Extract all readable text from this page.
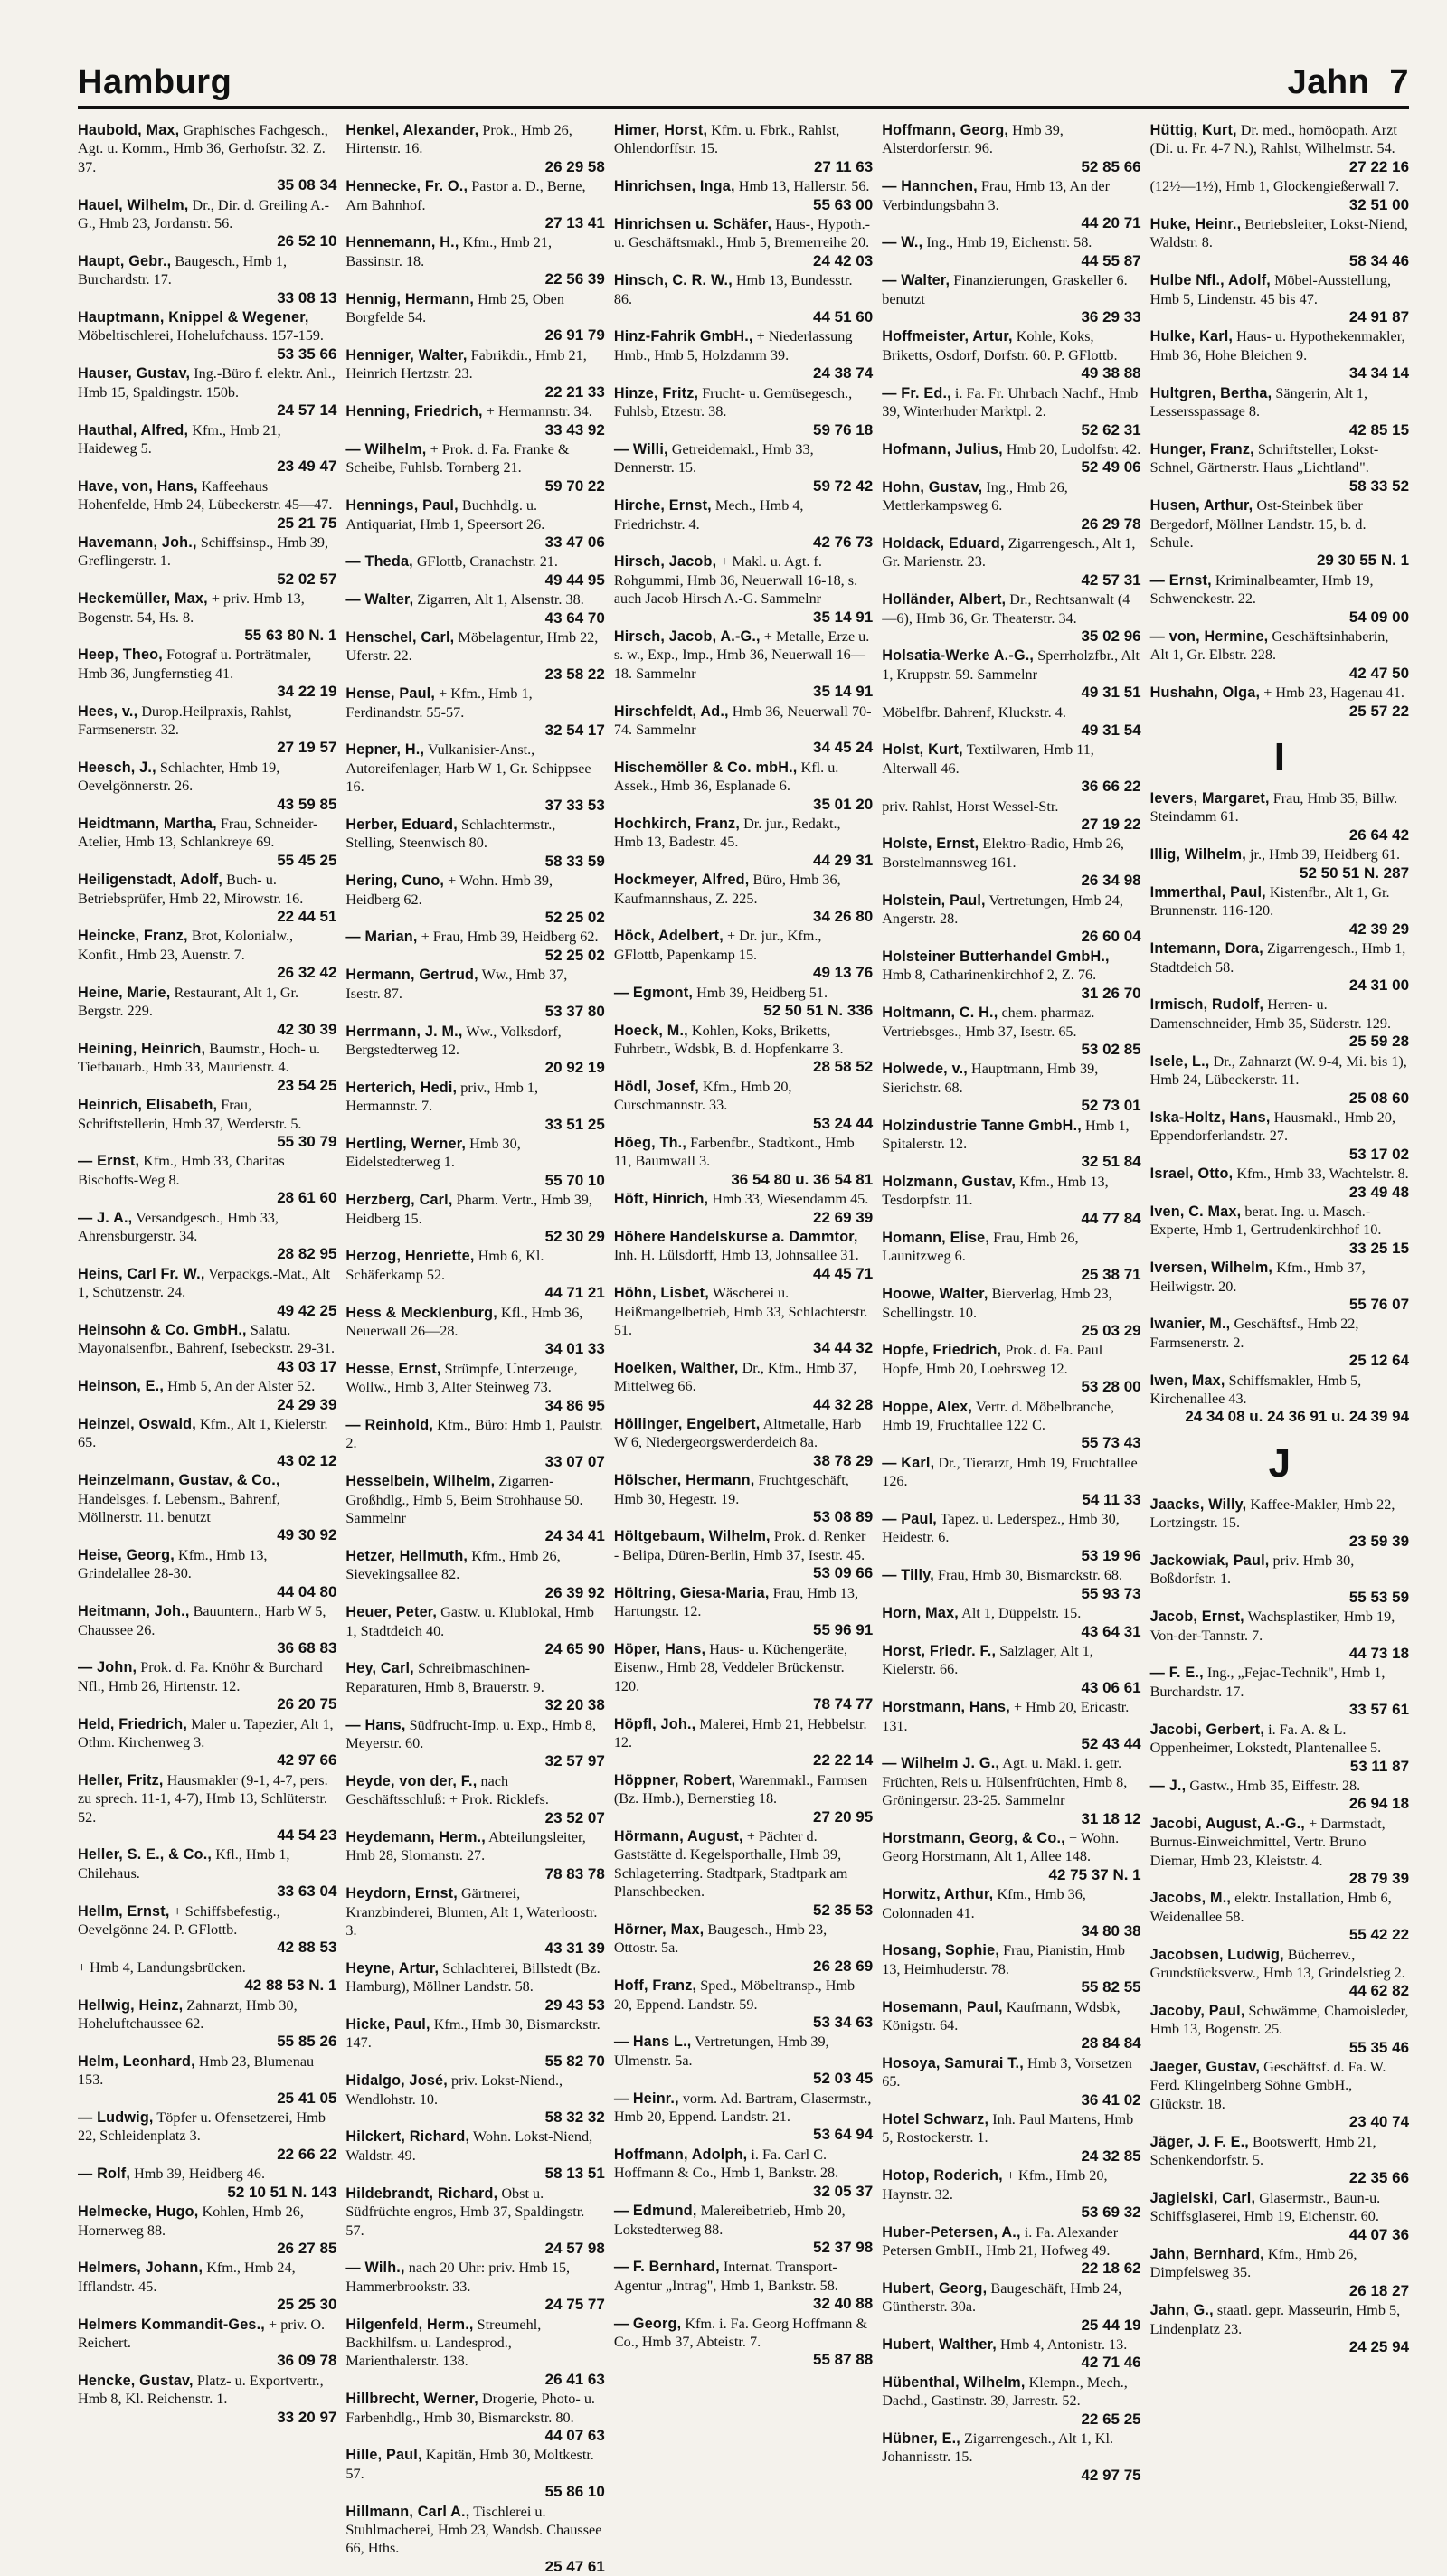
Hamburg	Jahn 7
Haubold, Max, Graphisches Fachgesch., Agt. u. Komm., Hmb 36, Gerhofstr. 32. Z. 37.
35 08 34
Hauel, Wilhelm, Dr., Dir. d. Greiling A.-G., Hmb 23, Jordanstr. 56.
26 52 10
Haupt, Gebr., Baugesch., Hmb 1, Burchardstr. 17.
33 08 13
Hauptmann, Knippel & Wegener, Möbeltischlerei, Hohelufchauss. 157-159.
53 35 66
Hauser, Gustav, Ing.-Büro f. elektr. Anl., Hmb 15, Spaldingstr. 150b.
24 57 14
Hauthal, Alfred, Kfm., Hmb 21, Haideweg 5.
23 49 47
Have, von, Hans, Kaffeehaus Hohenfelde, Hmb 24, Lübeckerstr. 45—47.
25 21 75
Havemann, Joh., Schiffsinsp., Hmb 39, Greflingerstr. 1.
52 02 57
Heckemüller, Max, + priv. Hmb 13, Bogenstr. 54, Hs. 8.
55 63 80 N. 1
Heep, Theo, Fotograf u. Porträtmaler, Hmb 36, Jungfernstieg 41.
34 22 19
Hees, v., Durop.Heilpraxis, Rahlst, Farmsenerstr. 32.
27 19 57
Heesch, J., Schlachter, Hmb 19, Oevelgönnerstr. 26.
43 59 85
Heidtmann, Martha, Frau, Schneider-Atelier, Hmb 13, Schlankreye 69.
55 45 25
Heiligenstadt, Adolf, Buch- u. Betriebsprüfer, Hmb 22, Mirowstr. 16.
22 44 51
Heincke, Franz, Brot, Kolonialw., Konfit., Hmb 23, Auenstr. 7.
26 32 42
Heine, Marie, Restaurant, Alt 1, Gr. Bergstr. 229.
42 30 39
Heining, Heinrich, Baumstr., Hoch- u. Tiefbauarb., Hmb 33, Maurienstr. 4.
23 54 25
Heinrich, Elisabeth, Frau, Schriftstellerin, Hmb 37, Werderstr. 5.
55 30 79
— Ernst, Kfm., Hmb 33, Charitas Bischoffs-Weg 8.
28 61 60
— J. A., Versandgesch., Hmb 33, Ahrensburgerstr. 34.
28 82 95
Heins, Carl Fr. W., Verpackgs.-Mat., Alt 1, Schützenstr. 24.
49 42 25
Heinsohn & Co. GmbH., Salatu. Mayonaisenfbr., Bahrenf, Isebeckstr. 29-31.
43 03 17
Heinson, E., Hmb 5, An der Alster 52.
24 29 39
Heinzel, Oswald, Kfm., Alt 1, Kielerstr. 65.
43 02 12
Heinzelmann, Gustav, & Co., Handelsges. f. Lebensm., Bahrenf, Möllnerstr. 11. benutzt
49 30 92
Heise, Georg, Kfm., Hmb 13, Grindelallee 28-30.
44 04 80
Heitmann, Joh., Bauuntern., Harb W 5, Chaussee 26.
36 68 83
— John, Prok. d. Fa. Knöhr & Burchard Nfl., Hmb 26, Hirtenstr. 12.
26 20 75
Held, Friedrich, Maler u. Tapezier, Alt 1, Othm. Kirchenweg 3.
42 97 66
Heller, Fritz, Hausmakler (9-1, 4-7, pers. zu sprech. 11-1, 4-7), Hmb 13, Schlüterstr. 52.
44 54 23
Heller, S. E., & Co., Kfl., Hmb 1, Chilehaus.
33 63 04
Hellm, Ernst, + Schiffsbefestig., Oevelgönne 24. P. GFlottb.
42 88 53
+ Hmb 4, Landungsbrücken.
42 88 53 N. 1
Hellwig, Heinz, Zahnarzt, Hmb 30, Hoheluftchaussee 62.
55 85 26
Helm, Leonhard, Hmb 23, Blumenau 153.
25 41 05
— Ludwig, Töpfer u. Ofensetzerei, Hmb 22, Schleidenplatz 3.
22 66 22
— Rolf, Hmb 39, Heidberg 46.
52 10 51 N. 143
Helmecke, Hugo, Kohlen, Hmb 26, Hornerweg 88.
26 27 85
Helmers, Johann, Kfm., Hmb 24, Ifflandstr. 45.
25 25 30
Helmers Kommandit-Ges., + priv. O. Reichert.
36 09 78
Hencke, Gustav, Platz- u. Exportvertr., Hmb 8, Kl. Reichenstr. 1.
33 20 97
Henkel, Alexander, Prok., Hmb 26, Hirtenstr. 16.
26 29 58
Hennecke, Fr. O., Pastor a. D., Berne, Am Bahnhof.
27 13 41
Hennemann, H., Kfm., Hmb 21, Bassinstr. 18.
22 56 39
Hennig, Hermann, Hmb 25, Oben Borgfelde 54.
26 91 79
Henniger, Walter, Fabrikdir., Hmb 21, Heinrich Hertzstr. 23.
22 21 33
Henning, Friedrich, + Hermannstr. 34.
33 43 92
— Wilhelm, + Prok. d. Fa. Franke & Scheibe, Fuhlsb. Tornberg 21.
59 70 22
Hennings, Paul, Buchhdlg. u. Antiquariat, Hmb 1, Speersort 26.
33 47 06
— Theda, GFlottb, Cranachstr. 21.
49 44 95
— Walter, Zigarren, Alt 1, Alsenstr. 38.
43 64 70
Henschel, Carl, Möbelagentur, Hmb 22, Uferstr. 22.
23 58 22
Hense, Paul, + Kfm., Hmb 1, Ferdinandstr. 55-57.
32 54 17
Hepner, H., Vulkanisier-Anst., Autoreifenlager, Harb W 1, Gr. Schippsee 16.
37 33 53
Herber, Eduard, Schlachtermstr., Stelling, Steenwisch 80.
58 33 59
Hering, Cuno, + Wohn. Hmb 39, Heidberg 62.
52 25 02
— Marian, + Frau, Hmb 39, Heidberg 62.
52 25 02
Hermann, Gertrud, Ww., Hmb 37, Isestr. 87.
53 37 80
Herrmann, J. M., Ww., Volksdorf, Bergstedterweg 12.
20 92 19
Herterich, Hedi, priv., Hmb 1, Hermannstr. 7.
33 51 25
Hertling, Werner, Hmb 30, Eidelstedterweg 1.
55 70 10
Herzberg, Carl, Pharm. Vertr., Hmb 39, Heidberg 15.
52 30 29
Herzog, Henriette, Hmb 6, Kl. Schäferkamp 52.
44 71 21
Hess & Mecklenburg, Kfl., Hmb 36, Neuerwall 26—28.
34 01 33
Hesse, Ernst, Strümpfe, Unterzeuge, Wollw., Hmb 3, Alter Steinweg 73.
34 86 95
— Reinhold, Kfm., Büro: Hmb 1, Paulstr. 2.
33 07 07
Hesselbein, Wilhelm, Zigarren-Großhdlg., Hmb 5, Beim Strohhause 50. Sammelnr
24 34 41
Hetzer, Hellmuth, Kfm., Hmb 26, Sievekingsallee 82.
26 39 92
Heuer, Peter, Gastw. u. Klublokal, Hmb 1, Stadtdeich 40.
24 65 90
Hey, Carl, Schreibmaschinen-Reparaturen, Hmb 8, Brauerstr. 9.
32 20 38
— Hans, Südfrucht-Imp. u. Exp., Hmb 8, Meyerstr. 60.
32 57 97
Heyde, von der, F., nach Geschäftsschluß: + Prok. Ricklefs.
23 52 07
Heydemann, Herm., Abteilungsleiter, Hmb 28, Slomanstr. 27.
78 83 78
Heydorn, Ernst, Gärtnerei, Kranzbinderei, Blumen, Alt 1, Waterloostr. 3.
43 31 39
Heyne, Artur, Schlachterei, Billstedt (Bz. Hamburg), Möllner Landstr. 58.
29 43 53
Hicke, Paul, Kfm., Hmb 30, Bismarckstr. 147.
55 82 70
Hidalgo, José, priv. Lokst-Niend., Wendlohstr. 10.
58 32 32
Hilckert, Richard, Wohn. Lokst-Niend, Waldstr. 49.
58 13 51
Hildebrandt, Richard, Obst u. Südfrüchte engros, Hmb 37, Spaldingstr. 57.
24 57 98
— Wilh., nach 20 Uhr: priv. Hmb 15, Hammerbrookstr. 33.
24 75 77
Hilgenfeld, Herm., Streumehl, Backhilfsm. u. Landesprod., Marienthalerstr. 138.
26 41 63
Hillbrecht, Werner, Drogerie, Photo- u. Farbenhdlg., Hmb 30, Bismarckstr. 80.
44 07 63
Hille, Paul, Kapitän, Hmb 30, Moltkestr. 57.
55 86 10
Hillmann, Carl A., Tischlerei u. Stuhlmacherei, Hmb 23, Wandsb. Chaussee 66, Hths.
25 47 61
Himer, Horst, Kfm. u. Fbrk., Rahlst, Ohlendorffstr. 15.
27 11 63
Hinrichsen, Inga, Hmb 13, Hallerstr. 56.
55 63 00
Hinrichsen u. Schäfer, Haus-, Hypoth.- u. Geschäftsmakl., Hmb 5, Bremerreihe 20.
24 42 03
Hinsch, C. R. W., Hmb 13, Bundesstr. 86.
44 51 60
Hinz-Fahrik GmbH., + Niederlassung Hmb., Hmb 5, Holzdamm 39.
24 38 74
Hinze, Fritz, Frucht- u. Gemüsegesch., Fuhlsb, Etzestr. 38.
59 76 18
— Willi, Getreidemakl., Hmb 33, Dennerstr. 15.
59 72 42
Hirche, Ernst, Mech., Hmb 4, Friedrichstr. 4.
42 76 73
Hirsch, Jacob, + Makl. u. Agt. f. Rohgummi, Hmb 36, Neuerwall 16-18, s. auch Jacob Hirsch A.-G. Sammelnr
35 14 91
Hirsch, Jacob, A.-G., + Metalle, Erze u. s. w., Exp., Imp., Hmb 36, Neuerwall 16—18. Sammelnr
35 14 91
Hirschfeldt, Ad., Hmb 36, Neuerwall 70-74. Sammelnr
34 45 24
Hischemöller & Co. mbH., Kfl. u. Assek., Hmb 36, Esplanade 6.
35 01 20
Hochkirch, Franz, Dr. jur., Redakt., Hmb 13, Badestr. 45.
44 29 31
Hockmeyer, Alfred, Büro, Hmb 36, Kaufmannshaus, Z. 225.
34 26 80
Höck, Adelbert, + Dr. jur., Kfm., GFlottb, Papenkamp 15.
49 13 76
— Egmont, Hmb 39, Heidberg 51.
52 50 51 N. 336
Hoeck, M., Kohlen, Koks, Briketts, Fuhrbetr., Wdsbk, B. d. Hopfenkarre 3.
28 58 52
Hödl, Josef, Kfm., Hmb 20, Curschmannstr. 33.
53 24 44
Höeg, Th., Farbenfbr., Stadtkont., Hmb 11, Baumwall 3.
36 54 80 u. 36 54 81
Höft, Hinrich, Hmb 33, Wiesendamm 45.
22 69 39
Höhere Handelskurse a. Dammtor, Inh. H. Lülsdorff, Hmb 13, Johnsallee 31.
44 45 71
Höhn, Lisbet, Wäscherei u. Heißmangelbetrieb, Hmb 33, Schlachterstr. 51.
34 44 32
Hoelken, Walther, Dr., Kfm., Hmb 37, Mittelweg 66.
44 32 28
Höllinger, Engelbert, Altmetalle, Harb W 6, Niedergeorgswerderdeich 8a.
38 78 29
Hölscher, Hermann, Fruchtgeschäft, Hmb 30, Hegestr. 19.
53 08 89
Höltgebaum, Wilhelm, Prok. d. Renker - Belipa, Düren-Berlin, Hmb 37, Isestr. 45.
53 09 66
Höltring, Giesa-Maria, Frau, Hmb 13, Hartungstr. 12.
55 96 91
Höper, Hans, Haus- u. Küchengeräte, Eisenw., Hmb 28, Veddeler Brückenstr. 120.
78 74 77
Höpfl, Joh., Malerei, Hmb 21, Hebbelstr. 12.
22 22 14
Höppner, Robert, Warenmakl., Farmsen (Bz. Hmb.), Bernerstieg 18.
27 20 95
Hörmann, August, + Pächter d. Gaststätte d. Kegelsporthalle, Hmb 39, Schlageterring. Stadtpark, Stadtpark am Planschbecken.
52 35 53
Hörner, Max, Baugesch., Hmb 23, Ottostr. 5a.
26 28 69
Hoff, Franz, Sped., Möbeltransp., Hmb 20, Eppend. Landstr. 59.
53 34 63
— Hans L., Vertretungen, Hmb 39, Ulmenstr. 5a.
52 03 45
— Heinr., vorm. Ad. Bartram, Glasermstr., Hmb 20, Eppend. Landstr. 21.
53 64 94
Hoffmann, Adolph, i. Fa. Carl C. Hoffmann & Co., Hmb 1, Bankstr. 28.
32 05 37
— Edmund, Malereibetrieb, Hmb 20, Lokstedterweg 88.
52 37 98
— F. Bernhard, Internat. Transport-Agentur „Intrag", Hmb 1, Bankstr. 58.
32 40 88
— Georg, Kfm. i. Fa. Georg Hoffmann & Co., Hmb 37, Abteistr. 7.
55 87 88
Hoffmann, Georg, Hmb 39, Alsterdorferstr. 96.
52 85 66
— Hannchen, Frau, Hmb 13, An der Verbindungsbahn 3.
44 20 71
— W., Ing., Hmb 19, Eichenstr. 58.
44 55 87
— Walter, Finanzierungen, Graskeller 6. benutzt
36 29 33
Hoffmeister, Artur, Kohle, Koks, Briketts, Osdorf, Dorfstr. 60. P. GFlottb.
49 38 88
— Fr. Ed., i. Fa. Fr. Uhrbach Nachf., Hmb 39, Winterhuder Marktpl. 2.
52 62 31
Hofmann, Julius, Hmb 20, Ludolfstr. 42.
52 49 06
Hohn, Gustav, Ing., Hmb 26, Mettlerkampsweg 6.
26 29 78
Holdack, Eduard, Zigarrengesch., Alt 1, Gr. Marienstr. 23.
42 57 31
Holländer, Albert, Dr., Rechtsanwalt (4—6), Hmb 36, Gr. Theaterstr. 34.
35 02 96
Holsatia-Werke A.-G., Sperrholzfbr., Alt 1, Kruppstr. 59. Sammelnr
49 31 51
Möbelfbr. Bahrenf, Kluckstr. 4.
49 31 54
Holst, Kurt, Textilwaren, Hmb 11, Alterwall 46.
36 66 22
priv. Rahlst, Horst Wessel-Str.
27 19 22
Holste, Ernst, Elektro-Radio, Hmb 26, Borstelmannsweg 161.
26 34 98
Holstein, Paul, Vertretungen, Hmb 24, Angerstr. 28.
26 60 04
Holsteiner Butterhandel GmbH., Hmb 8, Catharinenkirchhof 2, Z. 76.
31 26 70
Holtmann, C. H., chem. pharmaz. Vertriebsges., Hmb 37, Isestr. 65.
53 02 85
Holwede, v., Hauptmann, Hmb 39, Sierichstr. 68.
52 73 01
Holzindustrie Tanne GmbH., Hmb 1, Spitalerstr. 12.
32 51 84
Holzmann, Gustav, Kfm., Hmb 13, Tesdorpfstr. 11.
44 77 84
Homann, Elise, Frau, Hmb 26, Launitzweg 6.
25 38 71
Hoowe, Walter, Bierverlag, Hmb 23, Schellingstr. 10.
25 03 29
Hopfe, Friedrich, Prok. d. Fa. Paul Hopfe, Hmb 20, Loehrsweg 12.
53 28 00
Hoppe, Alex, Vertr. d. Möbelbranche, Hmb 19, Fruchtallee 122 C.
55 73 43
— Karl, Dr., Tierarzt, Hmb 19, Fruchtallee 126.
54 11 33
— Paul, Tapez. u. Lederspez., Hmb 30, Heidestr. 6.
53 19 96
— Tilly, Frau, Hmb 30, Bismarckstr. 68.
55 93 73
Horn, Max, Alt 1, Düppelstr. 15.
43 64 31
Horst, Friedr. F., Salzlager, Alt 1, Kielerstr. 66.
43 06 61
Horstmann, Hans, + Hmb 20, Ericastr. 131.
52 43 44
— Wilhelm J. G., Agt. u. Makl. i. getr. Früchten, Reis u. Hülsenfrüchten, Hmb 8, Gröningerstr. 23-25. Sammelnr
31 18 12
Horstmann, Georg, & Co., + Wohn. Georg Horstmann, Alt 1, Allee 148.
42 75 37 N. 1
Horwitz, Arthur, Kfm., Hmb 36, Colonnaden 41.
34 80 38
Hosang, Sophie, Frau, Pianistin, Hmb 13, Heimhuderstr. 78.
55 82 55
Hosemann, Paul, Kaufmann, Wdsbk, Königstr. 64.
28 84 84
Hosoya, Samurai T., Hmb 3, Vorsetzen 65.
36 41 02
Hotel Schwarz, Inh. Paul Martens, Hmb 5, Rostockerstr. 1.
24 32 85
Hotop, Roderich, + Kfm., Hmb 20, Haynstr. 32.
53 69 32
Huber-Petersen, A., i. Fa. Alexander Petersen GmbH., Hmb 21, Hofweg 49.
22 18 62
Hubert, Georg, Baugeschäft, Hmb 24, Güntherstr. 30a.
25 44 19
Hubert, Walther, Hmb 4, Antonistr. 13.
42 71 46
Hübenthal, Wilhelm, Klempn., Mech., Dachd., Gastinstr. 39, Jarrestr. 52.
22 65 25
Hübner, E., Zigarrengesch., Alt 1, Kl. Johannisstr. 15.
42 97 75
Hüttig, Kurt, Dr. med., homöopath. Arzt (Di. u. Fr. 4-7 N.), Rahlst, Wilhelmstr. 54.
27 22 16
(12½—1½), Hmb 1, Glockengießerwall 7.
32 51 00
Huke, Heinr., Betriebsleiter, Lokst-Niend, Waldstr. 8.
58 34 46
Hulbe Nfl., Adolf, Möbel-Ausstellung, Hmb 5, Lindenstr. 45 bis 47.
24 91 87
Hulke, Karl, Haus- u. Hypothekenmakler, Hmb 36, Hohe Bleichen 9.
34 34 14
Hultgren, Bertha, Sängerin, Alt 1, Lessersspassage 8.
42 85 15
Hunger, Franz, Schriftsteller, Lokst-Schnel, Gärtnerstr. Haus „Lichtland".
58 33 52
Husen, Arthur, Ost-Steinbek über Bergedorf, Möllner Landstr. 15, b. d. Schule.
29 30 55 N. 1
— Ernst, Kriminalbeamter, Hmb 19, Schwenckestr. 22.
54 09 00
— von, Hermine, Geschäftsinhaberin, Alt 1, Gr. Elbstr. 228.
42 47 50
Hushahn, Olga, + Hmb 23, Hagenau 41.
25 57 22
I
Ievers, Margaret, Frau, Hmb 35, Billw. Steindamm 61.
26 64 42
Illig, Wilhelm, jr., Hmb 39, Heidberg 61.
52 50 51 N. 287
Immerthal, Paul, Kistenfbr., Alt 1, Gr. Brunnenstr. 116-120.
42 39 29
Intemann, Dora, Zigarrengesch., Hmb 1, Stadtdeich 58.
24 31 00
Irmisch, Rudolf, Herren- u. Damenschneider, Hmb 35, Süderstr. 129.
25 59 28
Isele, L., Dr., Zahnarzt (W. 9-4, Mi. bis 1), Hmb 24, Lübeckerstr. 11.
25 08 60
Iska-Holtz, Hans, Hausmakl., Hmb 20, Eppendorferlandstr. 27.
53 17 02
Israel, Otto, Kfm., Hmb 33, Wachtelstr. 8.
23 49 48
Iven, C. Max, berat. Ing. u. Masch.-Experte, Hmb 1, Gertrudenkirchhof 10.
33 25 15
Iversen, Wilhelm, Kfm., Hmb 37, Heilwigstr. 20.
55 76 07
Iwanier, M., Geschäftsf., Hmb 22, Farmsenerstr. 2.
25 12 64
Iwen, Max, Schiffsmakler, Hmb 5, Kirchenallee 43.
24 34 08 u. 24 36 91 u. 24 39 94
J
Jaacks, Willy, Kaffee-Makler, Hmb 22, Lortzingstr. 15.
23 59 39
Jackowiak, Paul, priv. Hmb 30, Boßdorfstr. 1.
55 53 59
Jacob, Ernst, Wachsplastiker, Hmb 19, Von-der-Tannstr. 7.
44 73 18
— F. E., Ing., „Fejac-Technik", Hmb 1, Burchardstr. 17.
33 57 61
Jacobi, Gerbert, i. Fa. A. & L. Oppenheimer, Lokstedt, Plantenallee 5.
53 11 87
— J., Gastw., Hmb 35, Eiffestr. 28.
26 94 18
Jacobi, August, A.-G., + Darmstadt, Burnus-Einweichmittel, Vertr. Bruno Diemar, Hmb 23, Kleiststr. 4.
28 79 39
Jacobs, M., elektr. Installation, Hmb 6, Weidenallee 58.
55 42 22
Jacobsen, Ludwig, Bücherrev., Grundstücksverw., Hmb 13, Grindelstieg 2.
44 62 82
Jacoby, Paul, Schwämme, Chamoisleder, Hmb 13, Bogenstr. 25.
55 35 46
Jaeger, Gustav, Geschäftsf. d. Fa. W. Ferd. Klingelnberg Söhne GmbH., Glückstr. 18.
23 40 74
Jäger, J. F. E., Bootswerft, Hmb 21, Schenkendorfstr. 5.
22 35 66
Jagielski, Carl, Glasermstr., Baun-u. Schiffsglaserei, Hmb 19, Eichenstr. 60.
44 07 36
Jahn, Bernhard, Kfm., Hmb 26, Dimpfelsweg 35.
26 18 27
Jahn, G., staatl. gepr. Masseurin, Hmb 5, Lindenplatz 23.
24 25 94
